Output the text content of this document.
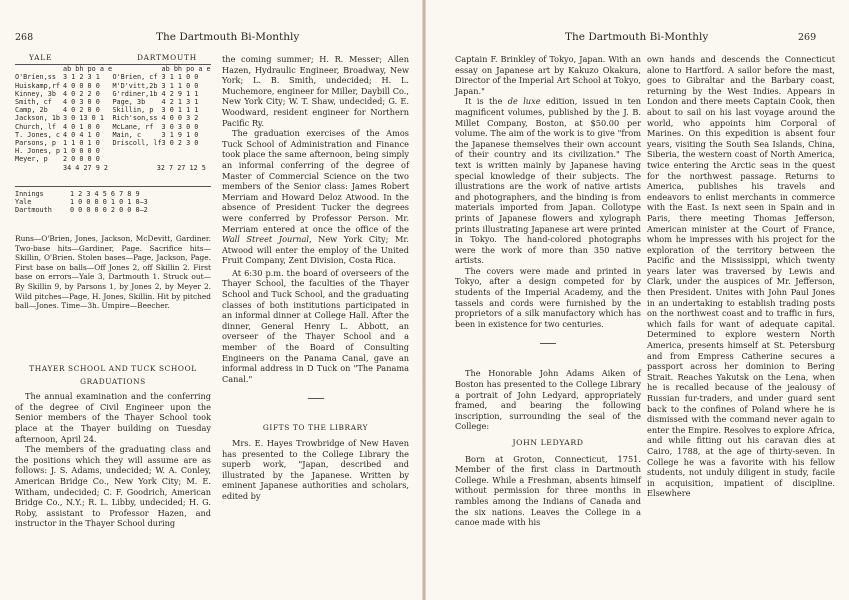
268	The Dartmouth Bi-Monthly
YALE	DARTMOUTH
	ab bh po a e		ab bh po a e
O'Brien,ss	3 1 2 3 1	O'Brien, cf	3 1 1 0 0
Huiskamp,rf	4 0 0 0 0	M'D'vitt,2b	3 1 1 0 0
Kinney, 3b	4 0 2 2 0	G'rdiner,1b	4 2 9 1 1
Smith, cf	4 0 3 0 0	Page, 3b	4 2 1 3 1
Camp, 2b	4 0 2 0 0	Skillin, p	3 0 1 1 1
Jackson, 1b	3 0 13 0 1	Rich'son,ss	4 0 0 3 2
Church, lf	4 0 1 0 0	McLane, rf	3 0 3 0 0
T. Jones, c	4 0 4 1 0	Main, c	3 1 9 1 0
Parsons, p	1 1 0 1 0	Driscoll, lf	3 0 2 3 0
H. Jones, p	1 0 0 0 0		
Meyer, p	2 0 0 0 0		
	34 4 27 9 2		32 7 27 12 5
Innings	1 2 3 4 5 6 7 8 9
Yale	1 0 0 0 0 1 0 1 0—3
Dartmouth	0 0 0 0 0 2 0 0 0—2
Runs—O'Brien, Jones, Jackson, McDevitt, Gardiner. Two-base hits—Gardiner, Page. Sacrifice hits—Skillin, O'Brien. Stolen bases—Page, Jackson, Page. First base on balls—Off Jones 2, off Skillin 2. First base on errors—Yale 3, Dartmouth 1. Struck out—By Skillin 9, by Parsons 1, by Jones 2, by Meyer 2. Wild pitches—Page, H. Jones, Skillin. Hit by pitched ball—Jones. Time—3h. Umpire—Beecher.

THAYER SCHOOL AND TUCK SCHOOL

GRADUATIONS

The annual examination and the conferring of the degree of Civil Engineer upon the Senior members of the Thayer School took place at the Thayer building on Tuesday afternoon, April 24.

The members of the graduating class and the positions which they will assume are as follows: J. S. Adams, undecided; W. A. Conley, American Bridge Co., New York City; M. E. Witham, undecided; C. F. Goodrich, American Bridge Co., N.Y.; R. L. Libby, undecided; H. G. Roby, assistant to Professor Hazen, and instructor in the Thayer School during

the coming summer; H. R. Messer; Allen Hazen, Hydraulic Engineer, Broadway, New York; L. B. Smith, undecided; H. L. Muchemore, engineer for Miller, Daybill Co., New York City; W. T. Shaw, undecided; G. E. Woodward, resident engineer for Northern Pacific Ry.

The graduation exercises of the Amos Tuck School of Administration and Finance took place the same afternoon, being simply an informal conferring of the degree of Master of Commercial Science on the two members of the Senior class: James Robert Merriam and Howard Deloz Atwood. In the absence of President Tucker the degrees were conferred by Professor Person. Mr. Merriam entered at once the office of the Wall Street Journal, New York City; Mr. Atwood will enter the employ of the United Fruit Company, Zent Division, Costa Rica.

At 6:30 p.m. the board of overseers of the Thayer School, the faculties of the Thayer School and Tuck School, and the graduating classes of both institutions participated in an informal dinner at College Hall. After the dinner, General Henry L. Abbott, an overseer of the Thayer School and a member of the Board of Consulting Engineers on the Panama Canal, gave an informal address in D Tuck on "The Panama Canal."

GIFTS TO THE LIBRARY

Mrs. E. Hayes Trowbridge of New Haven has presented to the College Library the superb work, "Japan, described and illustrated by the Japanese. Written by eminent Japanese authorities and scholars, edited by

The Dartmouth Bi-Monthly	269

Captain F. Brinkley of Tokyo, Japan. With an essay on Japanese art by Kakuzo Okakura, Director of the Imperial Art School at Tokyo, Japan."

It is the de luxe edition, issued in ten magnificent volumes, published by the J. B. Millet Company, Boston, at $50.00 per volume. The aim of the work is to give "from the Japanese themselves their own account of their country and its civilization." The text is written mainly by Japanese having special knowledge of their subjects. The illustrations are the work of native artists and photographers, and the binding is from materials imported from Japan. Collotype prints of Japanese flowers and xylograph prints illustrating Japanese art were printed in Tokyo. The hand-colored photographs were the work of more than 350 native artists.

The covers were made and printed in Tokyo, after a design competed for by students of the Imperial Academy, and the tassels and cords were furnished by the proprietors of a silk manufactory which has been in existence for two centuries.

The Honorable John Adams Aiken of Boston has presented to the College Library a portrait of John Ledyard, appropriately framed, and bearing the following inscription, surrounding the seal of the College:

JOHN LEDYARD

Born at Groton, Connecticut, 1751. Member of the first class in Dartmouth College. While a Freshman, absents himself without permission for three months in rambles among the Indians of Canada and the six nations. Leaves the College in a canoe made with his

own hands and descends the Connecticut alone to Hartford. A sailor before the mast, goes to Gibraltar and the Barbary coast, returning by the West Indies. Appears in London and there meets Captain Cook, then about to sail on his last voyage around the world, who appoints him Corporal of Marines. On this expedition is absent four years, visiting the South Sea Islands, China, Siberia, the western coast of North America, twice entering the Arctic seas in the quest for the northwest passage. Returns to America, publishes his travels and endeavors to enlist merchants in commerce with the East. Is next seen in Spain and in Paris, there meeting Thomas Jefferson, American minister at the Court of France, whom he impresses with his project for the exploration of the territory between the Pacific and the Mississippi, which twenty years later was traversed by Lewis and Clark, under the auspices of Mr. Jefferson, then President. Unites with John Paul Jones in an undertaking to establish trading posts on the northwest coast and to traffic in furs, which fails for want of adequate capital. Determined to explore western North America, presents himself at St. Petersburg and from Empress Catherine secures a passport across her dominion to Bering Strait. Reaches Yakutsk on the Lena, when he is recalled because of the jealousy of Russian fur-traders, and under guard sent back to the confines of Poland where he is dismissed with the command never again to enter the Empire. Resolves to explore Africa, and while fitting out his caravan dies at Cairo, 1788, at the age of thirty-seven. In College he was a favorite with his fellow students, not unduly diligent in study, facile in acquisition, impatient of discipline. Elsewhere
